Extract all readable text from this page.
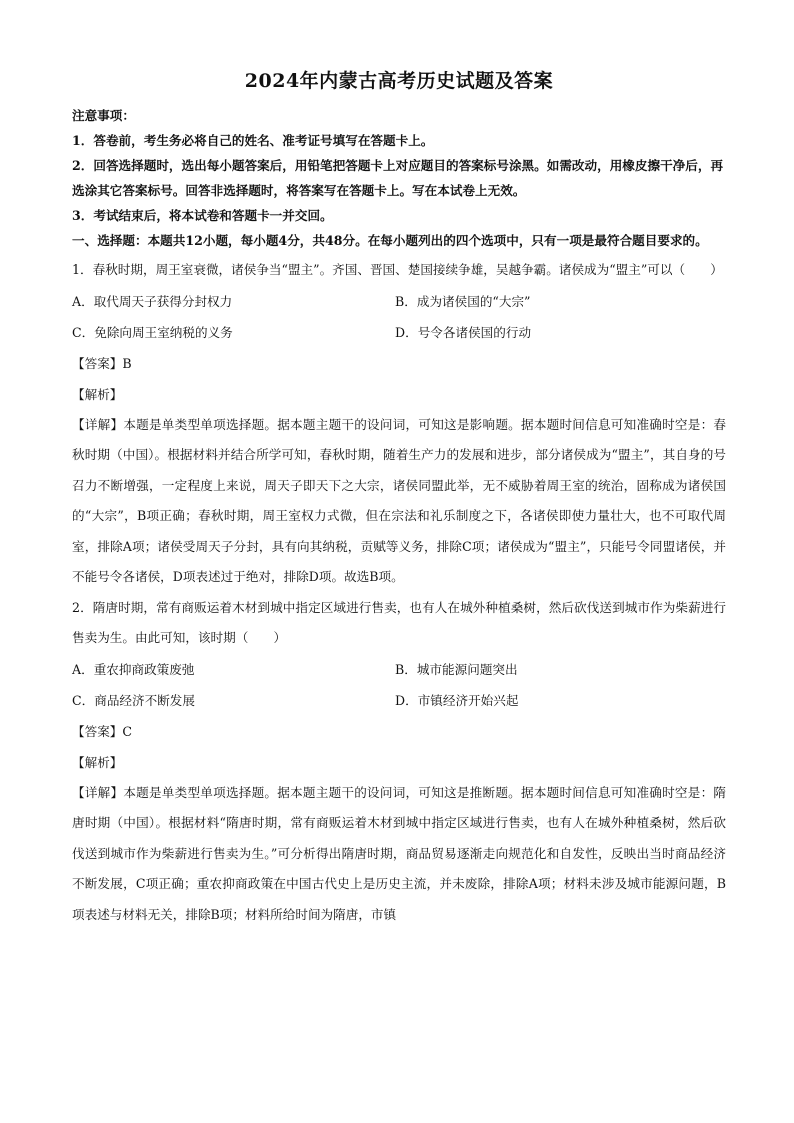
2024年内蒙古高考历史试题及答案

注意事项：

1．答卷前，考生务必将自己的姓名、准考证号填写在答题卡上。

2．回答选择题时，选出每小题答案后，用铅笔把答题卡上对应题目的答案标号涂黑。如需改动，用橡皮擦干净后，再选涂其它答案标号。回答非选择题时，将答案写在答题卡上。写在本试卷上无效。

3．考试结束后，将本试卷和答题卡一并交回。

一、选择题：本题共12小题，每小题4分，共48分。在每小题列出的四个选项中，只有一项是最符合题目要求的。

1．春秋时期，周王室衰微，诸侯争当“盟主”。齐国、晋国、楚国接续争雄，吴越争霸。诸侯成为“盟主”可以（　　）

A．取代周天子获得分封权力	B．成为诸侯国的“大宗”
C．免除向周王室纳税的义务	D．号令各诸侯国的行动

【答案】B

【解析】

【详解】本题是单类型单项选择题。据本题主题干的设问词，可知这是影响题。据本题时间信息可知准确时空是：春秋时期（中国）。根据材料并结合所学可知，春秋时期，随着生产力的发展和进步，部分诸侯成为“盟主”，其自身的号召力不断增强，一定程度上来说，周天子即天下之大宗，诸侯同盟此举，无不威胁着周王室的统治，固称成为诸侯国的“大宗”，B项正确；春秋时期，周王室权力式微，但在宗法和礼乐制度之下，各诸侯即使力量壮大，也不可取代周室，排除A项；诸侯受周天子分封，具有向其纳税，贡赋等义务，排除C项；诸侯成为“盟主”，只能号令同盟诸侯，并不能号令各诸侯，D项表述过于绝对，排除D项。故选B项。

2．隋唐时期，常有商贩运着木材到城中指定区域进行售卖，也有人在城外种植桑树，然后砍伐送到城市作为柴薪进行售卖为生。由此可知，该时期（　　）

A．重农抑商政策废弛	B．城市能源问题突出
C．商品经济不断发展	D．市镇经济开始兴起

【答案】C

【解析】

【详解】本题是单类型单项选择题。据本题主题干的设问词，可知这是推断题。据本题时间信息可知准确时空是：隋唐时期（中国）。根据材料“隋唐时期，常有商贩运着木材到城中指定区域进行售卖，也有人在城外种植桑树，然后砍伐送到城市作为柴薪进行售卖为生。”可分析得出隋唐时期，商品贸易逐渐走向规范化和自发性，反映出当时商品经济不断发展，C项正确；重农抑商政策在中国古代史上是历史主流，并未废除，排除A项；材料未涉及城市能源问题，B项表述与材料无关，排除B项；材料所给时间为隋唐，市镇
